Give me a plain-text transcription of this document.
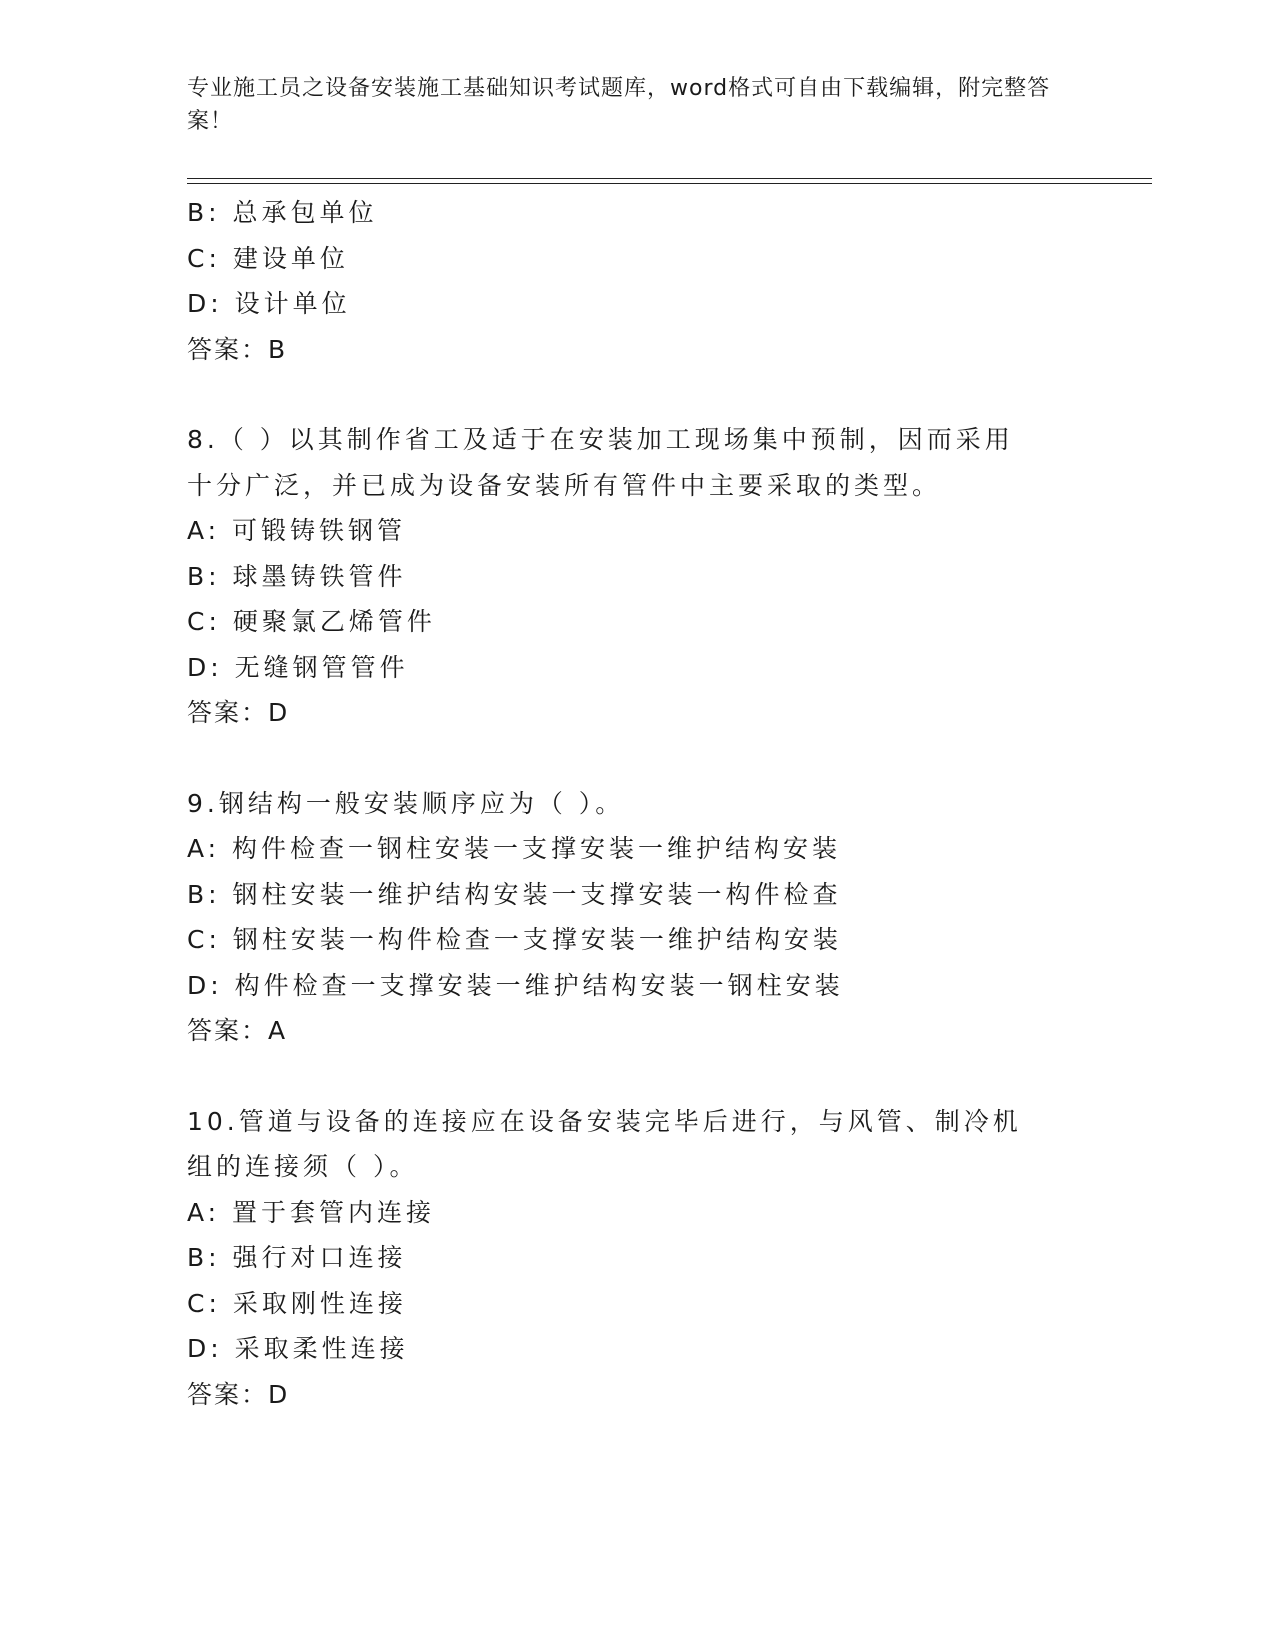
专业施工员之设备安装施工基础知识考试题库，word格式可自由下载编辑，附完整答案！
B: 总承包单位
C: 建设单位
D: 设计单位
答案：B
8.（ ）以其制作省工及适于在安装加工现场集中预制，因而采用十分广泛，并已成为设备安装所有管件中主要采取的类型。
A: 可锻铸铁钢管
B: 球墨铸铁管件
C: 硬聚氯乙烯管件
D: 无缝钢管管件
答案：D
9.钢结构一般安装顺序应为（ ）。
A: 构件检查一钢柱安装一支撑安装一维护结构安装
B: 钢柱安装一维护结构安装一支撑安装一构件检查
C: 钢柱安装一构件检查一支撑安装一维护结构安装
D: 构件检查一支撑安装一维护结构安装一钢柱安装
答案：A
10.管道与设备的连接应在设备安装完毕后进行，与风管、制冷机组的连接须（ ）。
A: 置于套管内连接
B: 强行对口连接
C: 采取刚性连接
D: 采取柔性连接
答案：D
